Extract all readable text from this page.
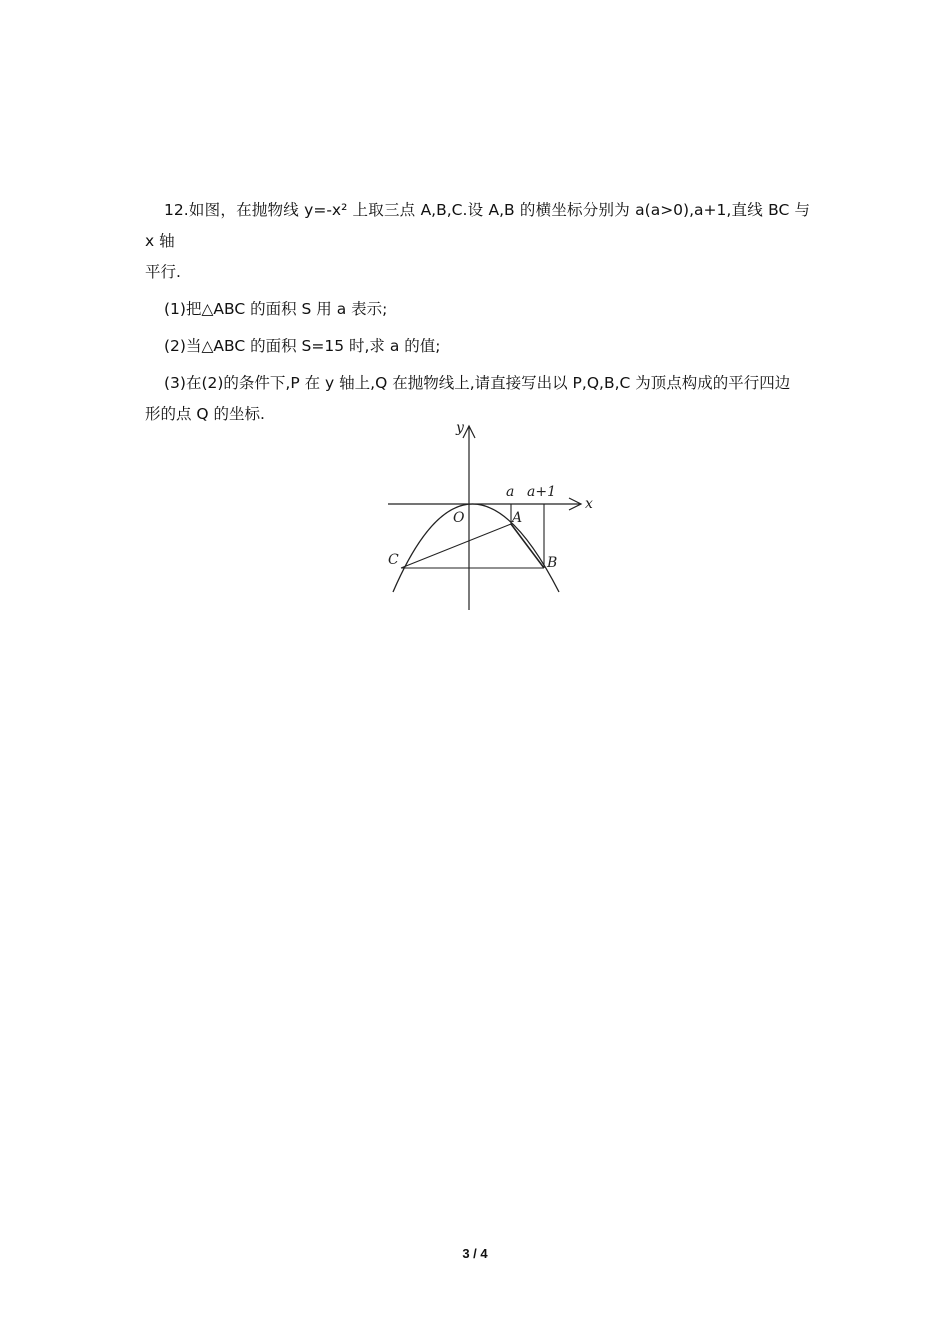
12.如图，在抛物线 y=-x² 上取三点 A,B,C.设 A,B 的横坐标分别为 a(a>0),a+1,直线 BC 与 x 轴

平行.

(1)把△ABC 的面积 S 用 a 表示;

(2)当△ABC 的面积 S=15 时,求 a 的值;

(3)在(2)的条件下,P 在 y 轴上,Q 在抛物线上,请直接写出以 P,Q,B,C 为顶点构成的平行四边

形的点 Q 的坐标.

y
x
O
a a+1
A
B
C
3 / 4
